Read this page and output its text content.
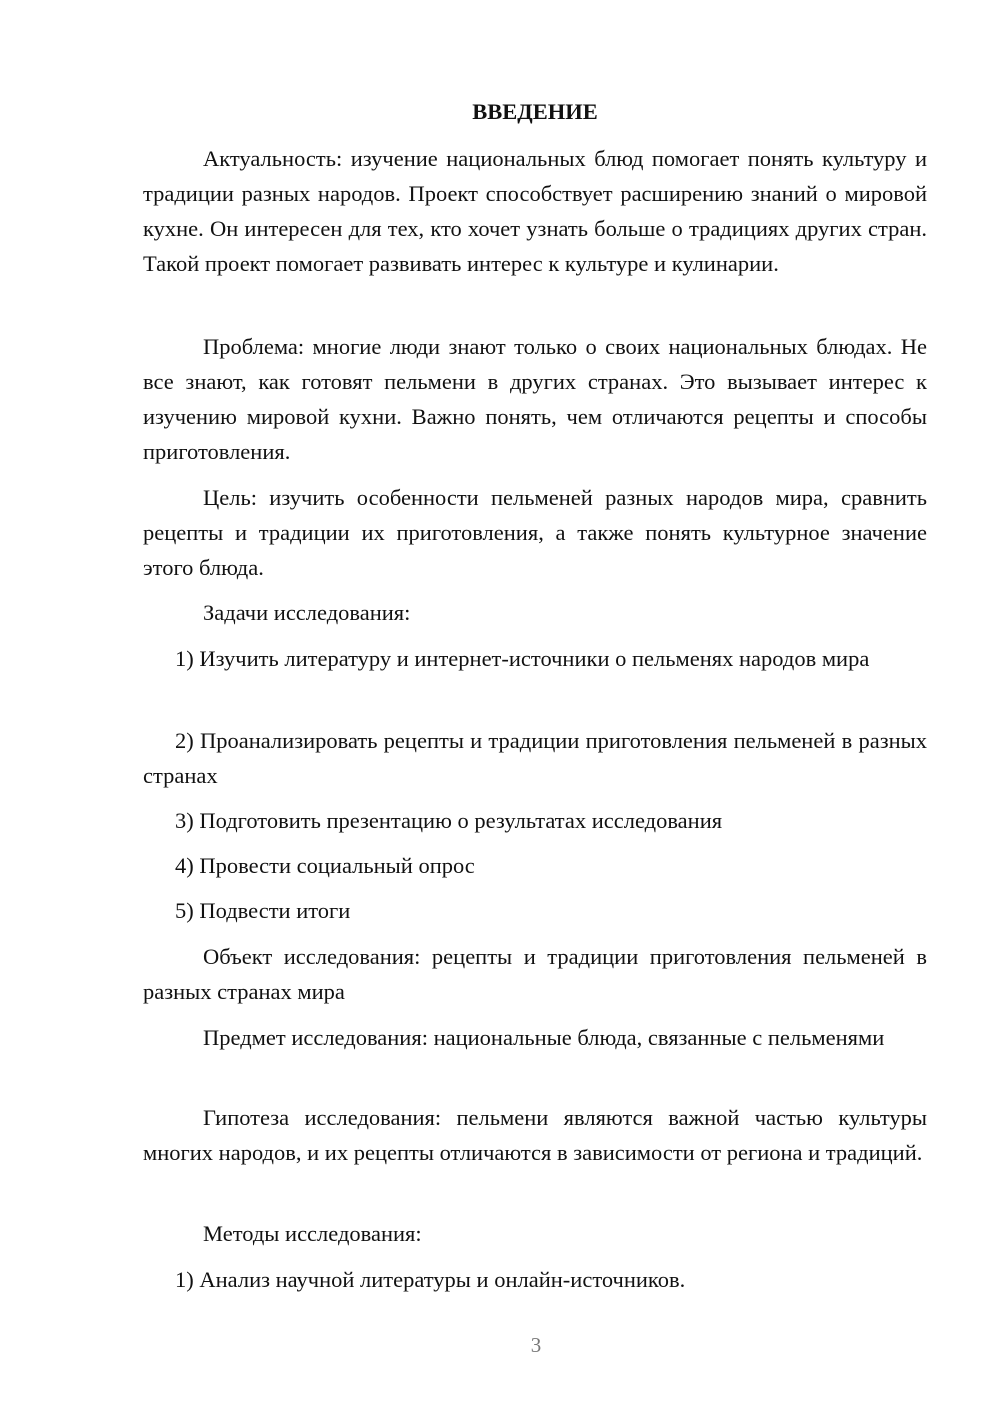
ВВЕДЕНИЕ

Актуальность: изучение национальных блюд помогает понять культуру и традиции разных народов. Проект способствует расширению знаний о мировой кухне. Он интересен для тех, кто хочет узнать больше о традициях других стран. Такой проект помогает развивать интерес к культуре и кулинарии.

Проблема: многие люди знают только о своих национальных блюдах. Не все знают, как готовят пельмени в других странах. Это вызывает интерес к изучению мировой кухни. Важно понять, чем отличаются рецепты и способы приготовления.

Цель: изучить особенности пельменей разных народов мира, сравнить рецепты и традиции их приготовления, а также понять культурное значение этого блюда.

Задачи исследования:

1) Изучить литературу и интернет-источники о пельменях народов мира

2) Проанализировать рецепты и традиции приготовления пельменей в разных странах

3) Подготовить презентацию о результатах исследования

4) Провести социальный опрос

5) Подвести итоги

Объект исследования: рецепты и традиции приготовления пельменей в разных странах мира

Предмет исследования: национальные блюда, связанные с пельменями

Гипотеза исследования: пельмени являются важной частью культуры многих народов, и их рецепты отличаются в зависимости от региона и традиций.

Методы исследования:

1) Анализ научной литературы и онлайн-источников.

3
